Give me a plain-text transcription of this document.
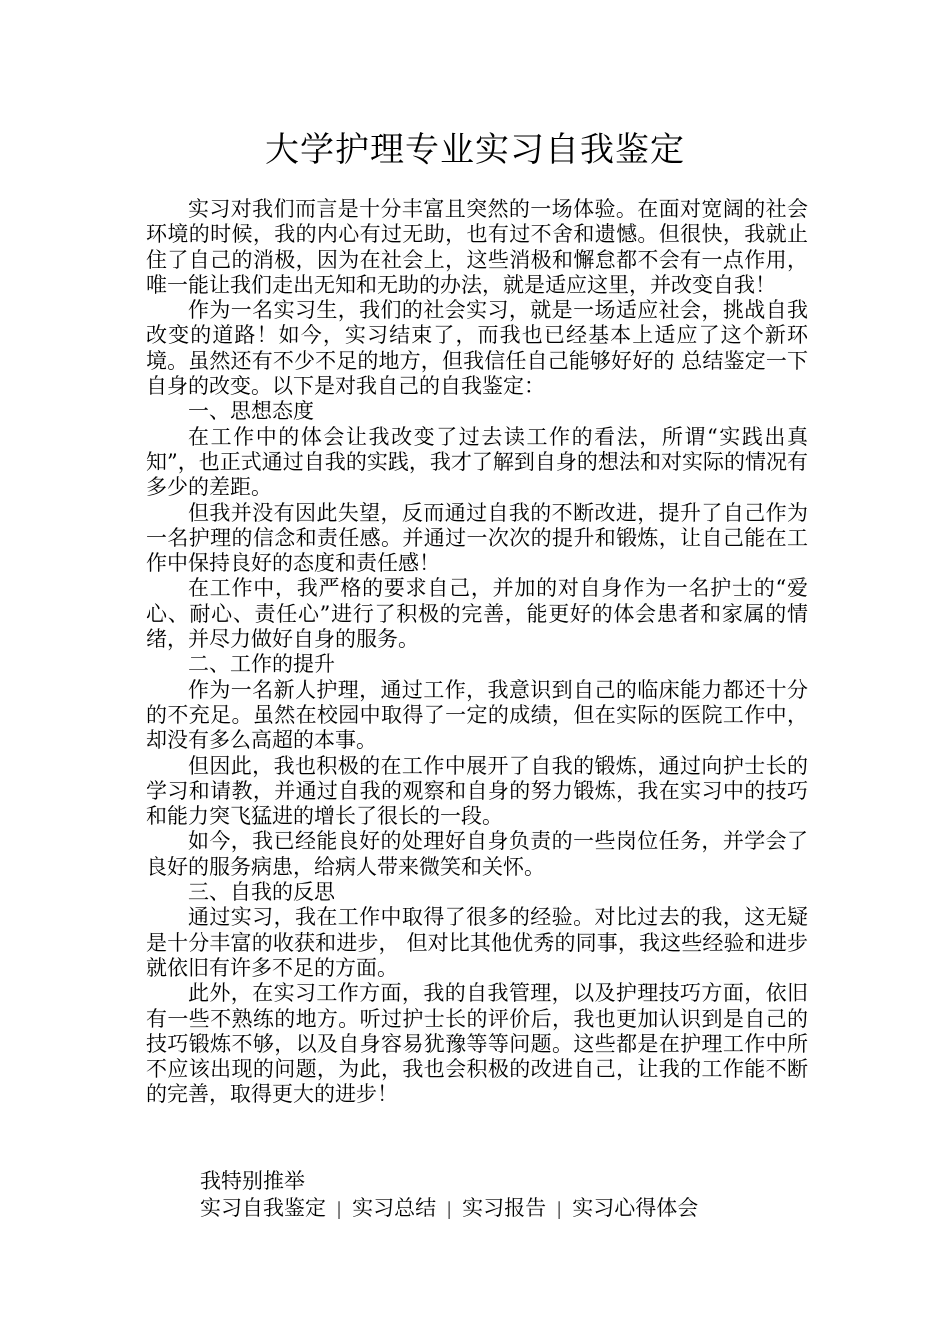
大学护理专业实习自我鉴定

实习对我们而言是十分丰富且突然的一场体验。在面对宽阔的社会环境的时候，我的内心有过无助，也有过不舍和遗憾。但很快，我就止住了自己的消极，因为在社会上，这些消极和懈怠都不会有一点作用，唯一能让我们走出无知和无助的办法，就是适应这里，并改变自我！

作为一名实习生，我们的社会实习，就是一场适应社会，挑战自我改变的道路！如今，实习结束了，而我也已经基本上适应了这个新环境。虽然还有不少不足的地方，但我信任自己能够好好的 总结鉴定一下自身的改变。以下是对我自己的自我鉴定：

一、思想态度

在工作中的体会让我改变了过去读工作的看法，所谓“实践出真知”，也正式通过自我的实践，我才了解到自身的想法和对实际的情况有多少的差距。

但我并没有因此失望，反而通过自我的不断改进，提升了自己作为一名护理的信念和责任感。并通过一次次的提升和锻炼，让自己能在工作中保持良好的态度和责任感！

在工作中，我严格的要求自己，并加的对自身作为一名护士的“爱心、耐心、责任心”进行了积极的完善，能更好的体会患者和家属的情绪，并尽力做好自身的服务。

二、工作的提升

作为一名新人护理，通过工作，我意识到自己的临床能力都还十分的不充足。虽然在校园中取得了一定的成绩，但在实际的医院工作中，却没有多么高超的本事。

但因此，我也积极的在工作中展开了自我的锻炼，通过向护士长的学习和请教，并通过自我的观察和自身的努力锻炼，我在实习中的技巧和能力突飞猛进的增长了很长的一段。

如今，我已经能良好的处理好自身负责的一些岗位任务，并学会了良好的服务病患，给病人带来微笑和关怀。

三、自我的反思

通过实习，我在工作中取得了很多的经验。对比过去的我，这无疑是十分丰富的收获和进步， 但对比其他优秀的同事，我这些经验和进步就依旧有许多不足的方面。

此外，在实习工作方面，我的自我管理，以及护理技巧方面，依旧有一些不熟练的地方。听过护士长的评价后，我也更加认识到是自己的技巧锻炼不够，以及自身容易犹豫等等问题。这些都是在护理工作中所不应该出现的问题，为此，我也会积极的改进自己，让我的工作能不断的完善，取得更大的进步！

我特别推举

实习自我鉴定 | 实习总结 | 实习报告 | 实习心得体会
